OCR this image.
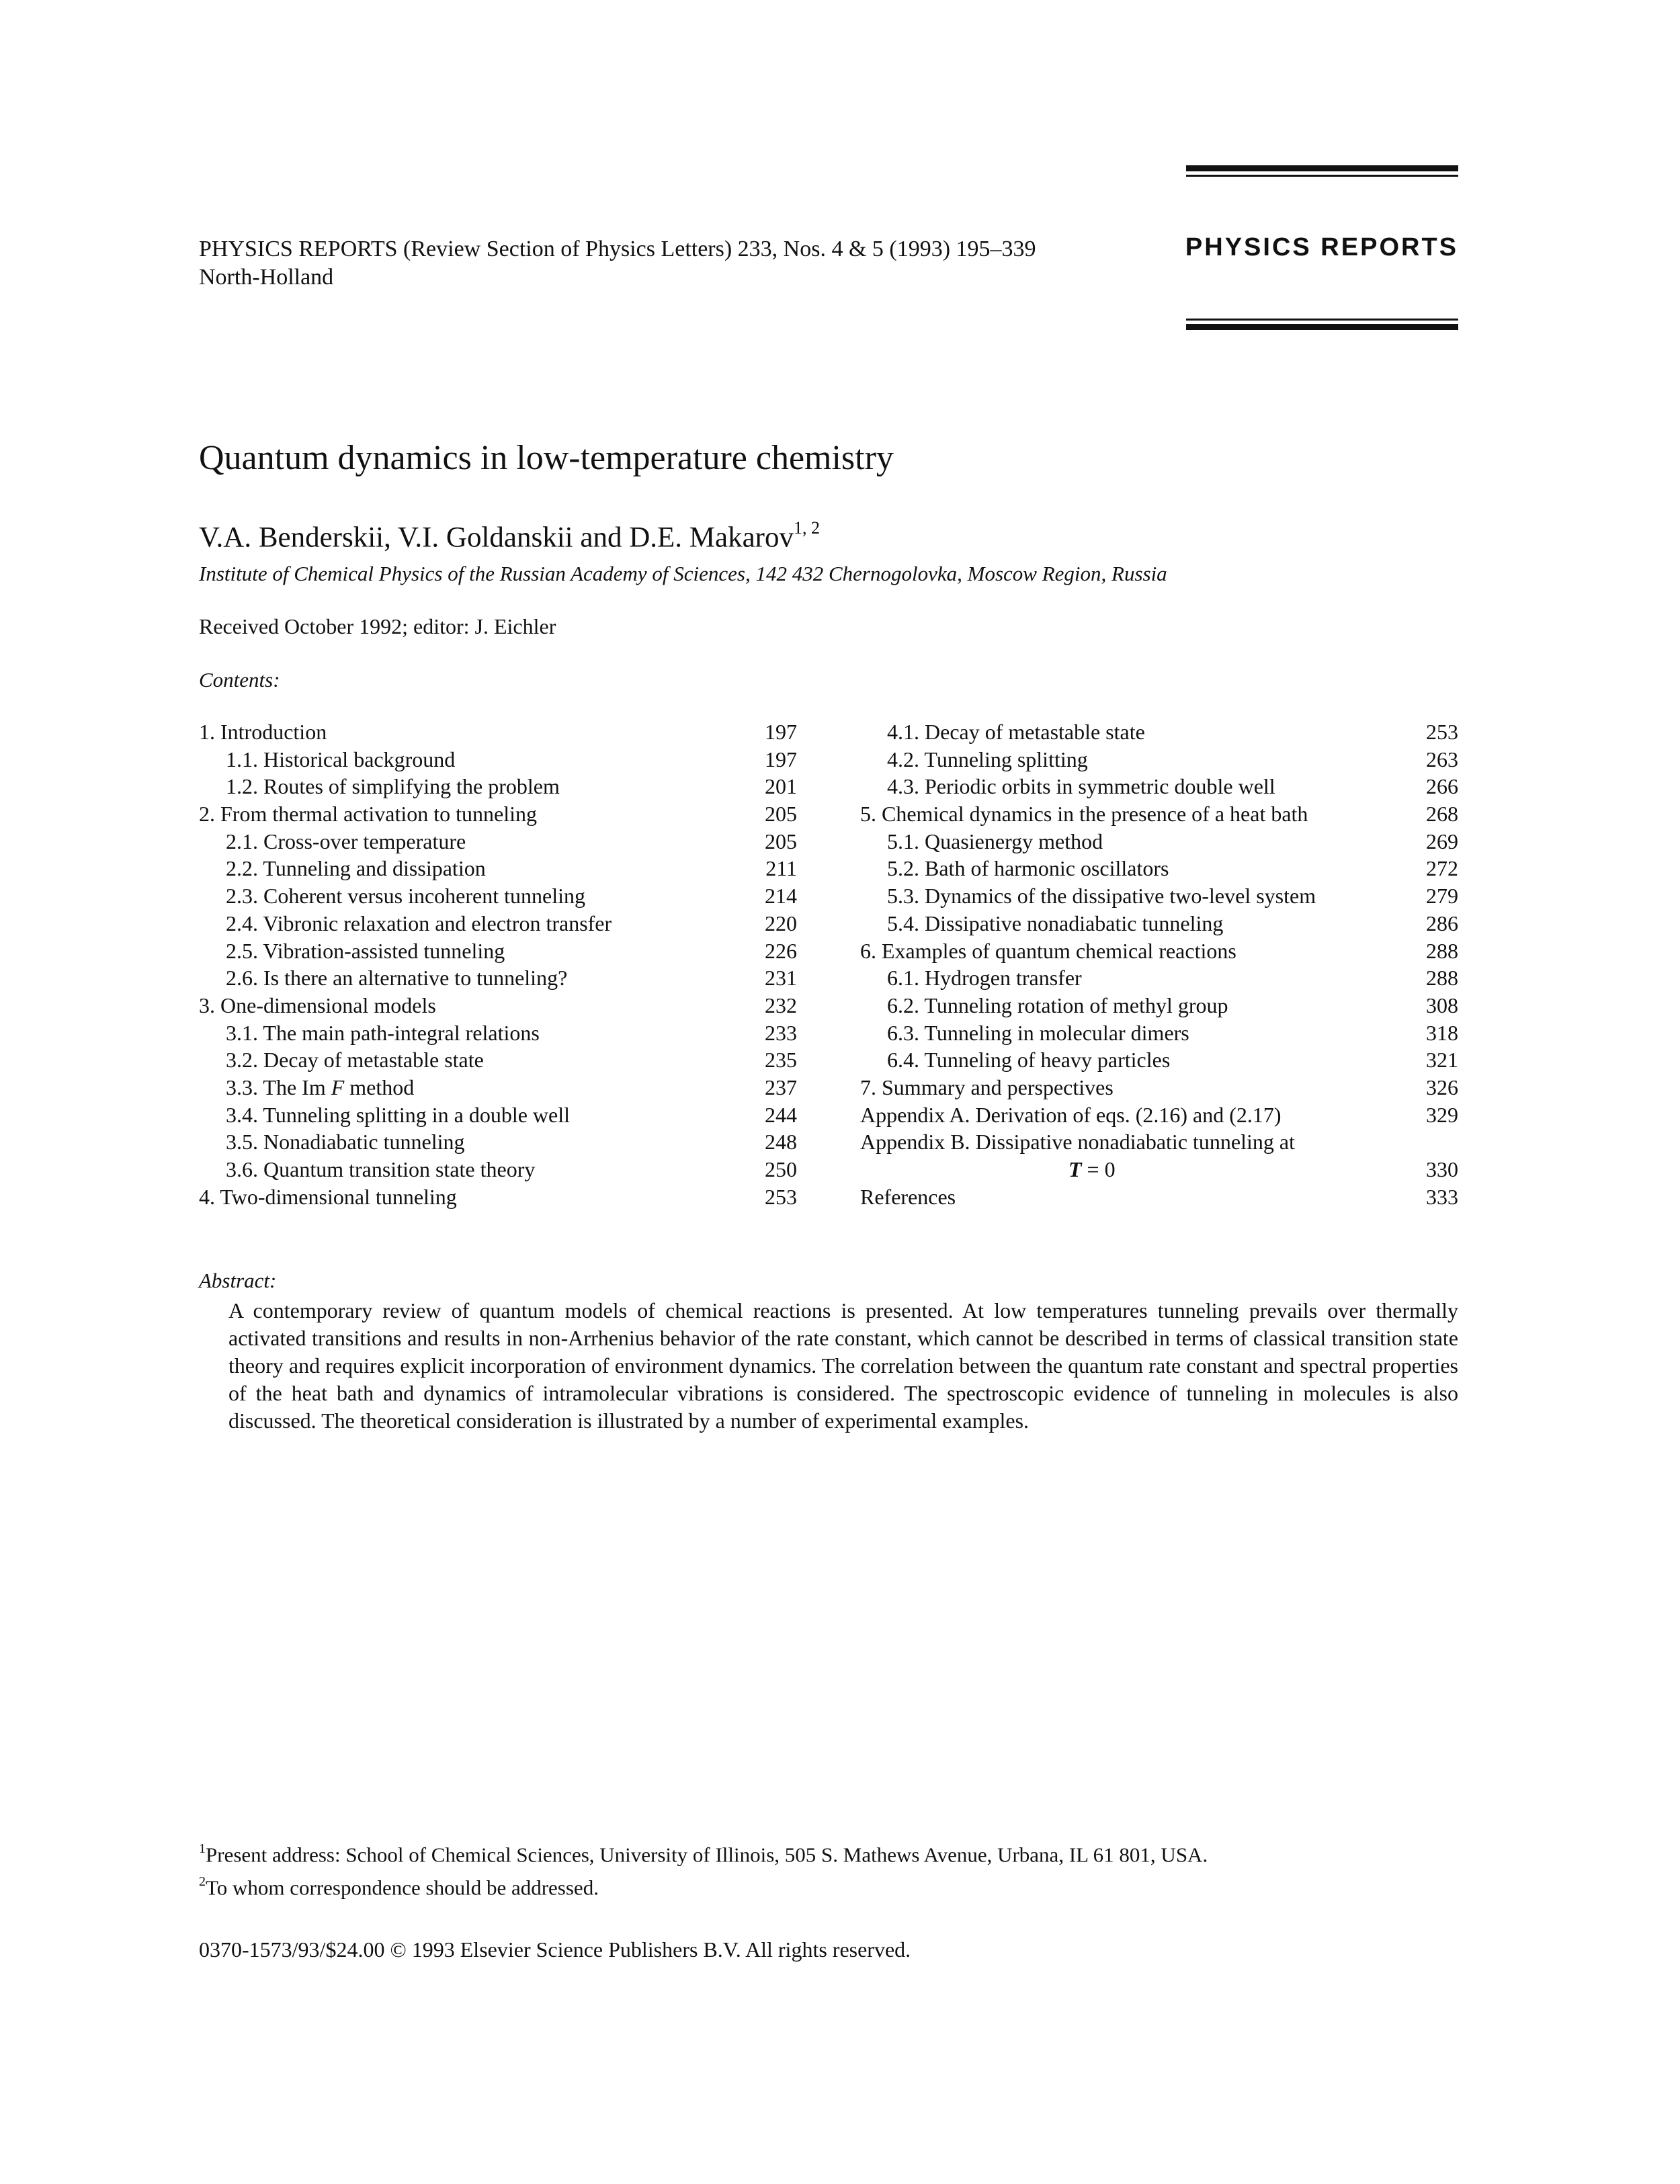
PHYSICS REPORTS (Review Section of Physics Letters) 233, Nos. 4 & 5 (1993) 195–339
North-Holland
PHYSICS REPORTS
Quantum dynamics in low-temperature chemistry
V.A. Benderskii, V.I. Goldanskii and D.E. Makarov$^{1, 2}$
Institute of Chemical Physics of the Russian Academy of Sciences, 142 432 Chernogolovka, Moscow Region, Russia
Received October 1992; editor: J. Eichler
Contents:
1. Introduction	197
1.1. Historical background	197
1.2. Routes of simplifying the problem	201
2. From thermal activation to tunneling	205
2.1. Cross-over temperature	205
2.2. Tunneling and dissipation	211
2.3. Coherent versus incoherent tunneling	214
2.4. Vibronic relaxation and electron transfer	220
2.5. Vibration-assisted tunneling	226
2.6. Is there an alternative to tunneling?	231
3. One-dimensional models	232
3.1. The main path-integral relations	233
3.2. Decay of metastable state	235
3.3. The Im F method	237
3.4. Tunneling splitting in a double well	244
3.5. Nonadiabatic tunneling	248
3.6. Quantum transition state theory	250
4. Two-dimensional tunneling	253
4.1. Decay of metastable state	253
4.2. Tunneling splitting	263
4.3. Periodic orbits in symmetric double well	266
5. Chemical dynamics in the presence of a heat bath	268
5.1. Quasienergy method	269
5.2. Bath of harmonic oscillators	272
5.3. Dynamics of the dissipative two-level system	279
5.4. Dissipative nonadiabatic tunneling	286
6. Examples of quantum chemical reactions	288
6.1. Hydrogen transfer	288
6.2. Tunneling rotation of methyl group	308
6.3. Tunneling in molecular dimers	318
6.4. Tunneling of heavy particles	321
7. Summary and perspectives	326
Appendix A. Derivation of eqs. (2.16) and (2.17)	329
Appendix B. Dissipative nonadiabatic tunneling at
T = 0	330
References	333
Abstract:
A contemporary review of quantum models of chemical reactions is presented. At low temperatures tunneling prevails over thermally activated transitions and results in non-Arrhenius behavior of the rate constant, which cannot be described in terms of classical transition state theory and requires explicit incorporation of environment dynamics. The correlation between the quantum rate constant and spectral properties of the heat bath and dynamics of intramolecular vibrations is considered. The spectroscopic evidence of tunneling in molecules is also discussed. The theoretical consideration is illustrated by a number of experimental examples.
$^1$Present address: School of Chemical Sciences, University of Illinois, 505 S. Mathews Avenue, Urbana, IL 61 801, USA.
$^2$To whom correspondence should be addressed.
0370-1573/93/$24.00 © 1993 Elsevier Science Publishers B.V. All rights reserved.
